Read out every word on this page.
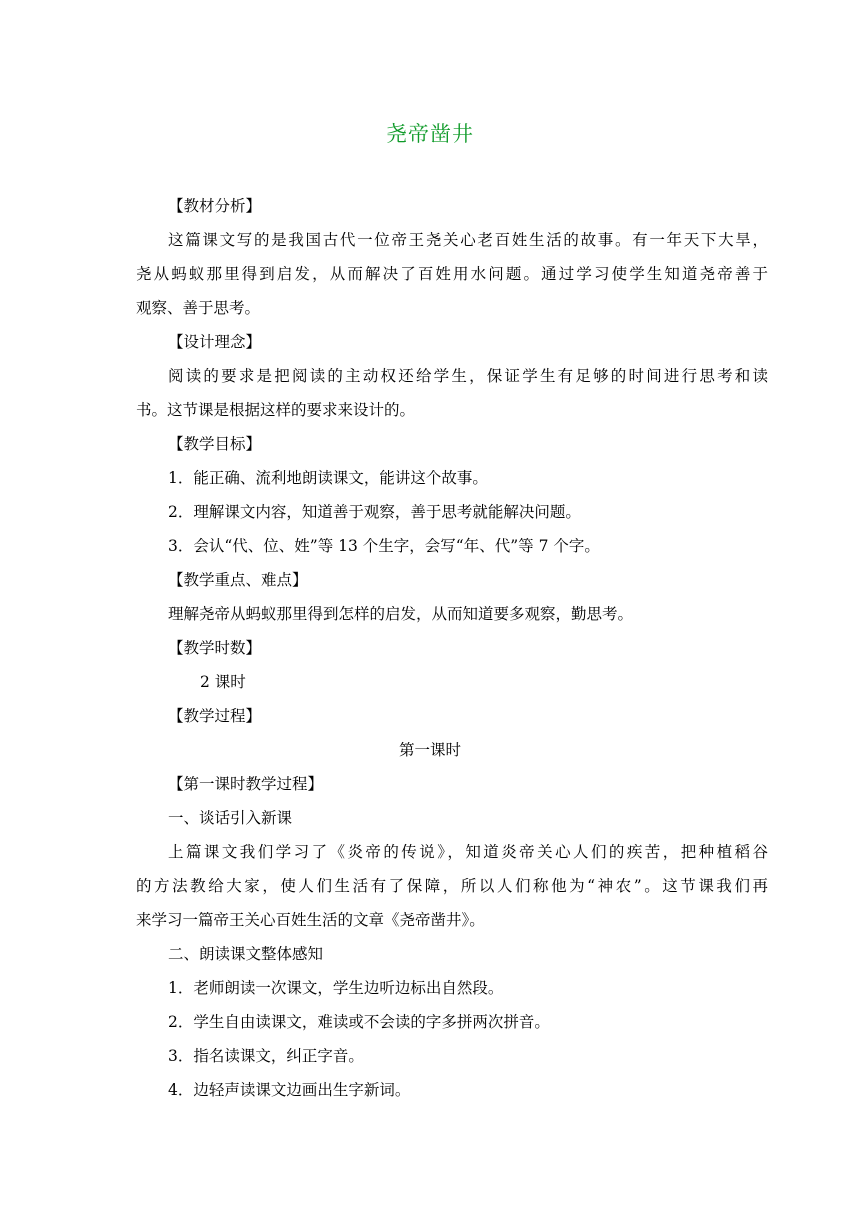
尧帝凿井
【教材分析】
这篇课文写的是我国古代一位帝王尧关心老百姓生活的故事。有一年天下大旱，
尧从蚂蚁那里得到启发，从而解决了百姓用水问题。通过学习使学生知道尧帝善于
观察、善于思考。
【设计理念】
阅读的要求是把阅读的主动权还给学生，保证学生有足够的时间进行思考和读
书。这节课是根据这样的要求来设计的。
【教学目标】
1．能正确、流利地朗读课文，能讲这个故事。
2．理解课文内容，知道善于观察，善于思考就能解决问题。
3．会认“代、位、姓”等 13 个生字，会写“年、代”等 7 个字。
【教学重点、难点】
理解尧帝从蚂蚁那里得到怎样的启发，从而知道要多观察，勤思考。
【教学时数】
2 课时
【教学过程】
第一课时
【第一课时教学过程】
一、谈话引入新课
上篇课文我们学习了《炎帝的传说》，知道炎帝关心人们的疾苦，把种植稻谷
的方法教给大家，使人们生活有了保障，所以人们称他为“神农”。这节课我们再
来学习一篇帝王关心百姓生活的文章《尧帝凿井》。
二、朗读课文整体感知
1．老师朗读一次课文，学生边听边标出自然段。
2．学生自由读课文，难读或不会读的字多拼两次拼音。
3．指名读课文，纠正字音。
4．边轻声读课文边画出生字新词。
